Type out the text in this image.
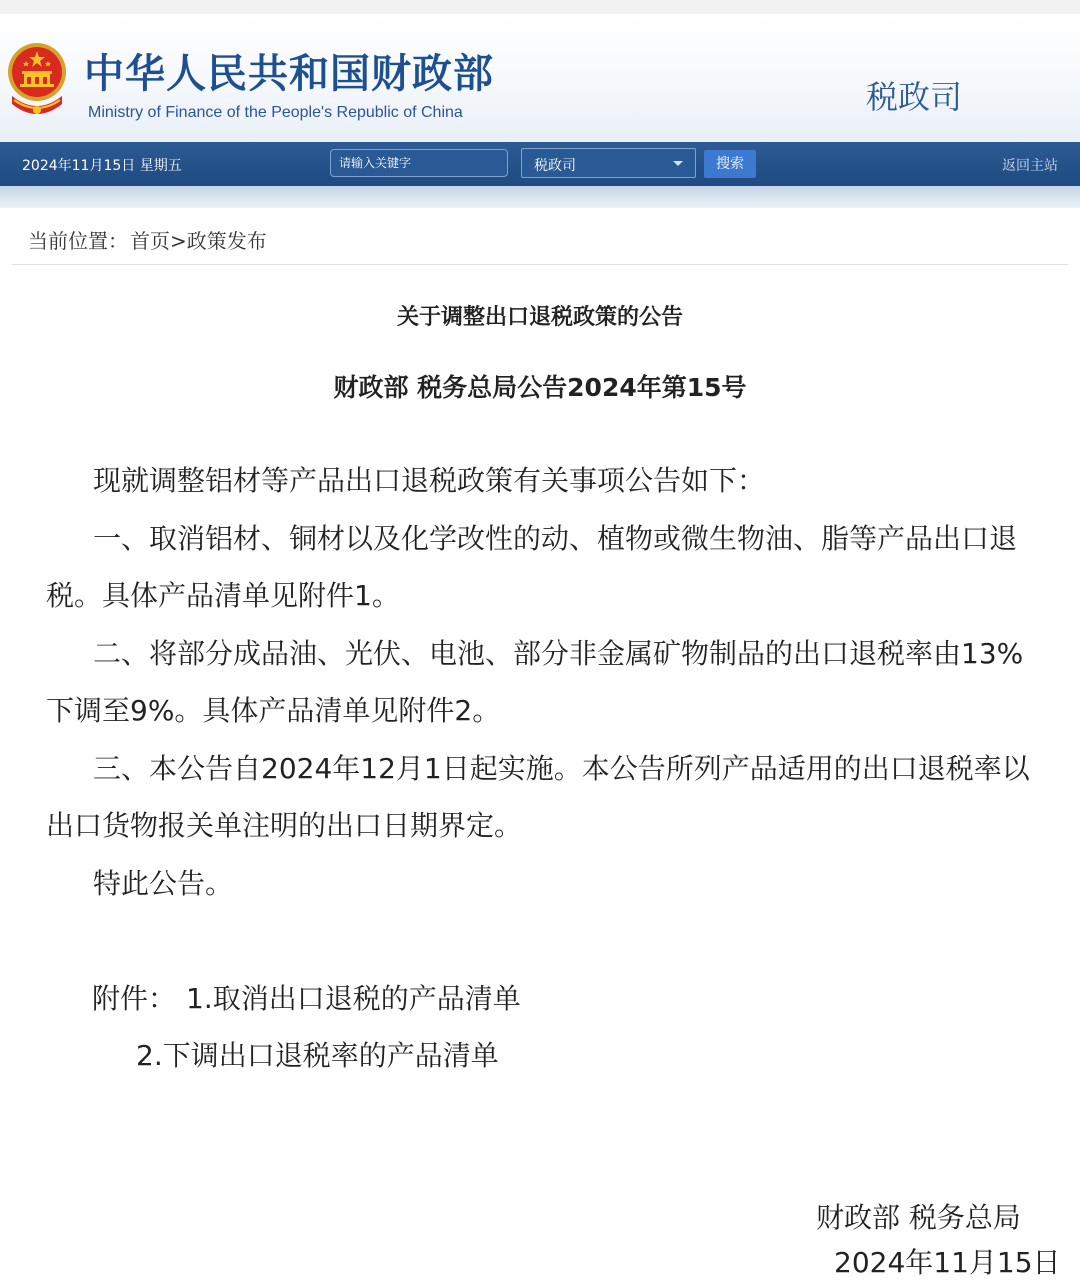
中华人民共和国财政部
Ministry of Finance of the People's Republic of China	税政司
2024年11月15日 星期五
请输入关键字	税政司	搜索	返回主站
当前位置： 首页>政策发布
关于调整出口退税政策的公告
财政部 税务总局公告2024年第15号

现就调整铝材等产品出口退税政策有关事项公告如下：

一、取消铝材、铜材以及化学改性的动、植物或微生物油、脂等产品出口退税。具体产品清单见附件1。

二、将部分成品油、光伏、电池、部分非金属矿物制品的出口退税率由13%下调至9%。具体产品清单见附件2。

三、本公告自2024年12月1日起实施。本公告所列产品适用的出口退税率以出口货物报关单注明的出口日期界定。

特此公告。

附件： 1.取消出口退税的产品清单
2.下调出口退税率的产品清单
财政部 税务总局
2024年11月15日
